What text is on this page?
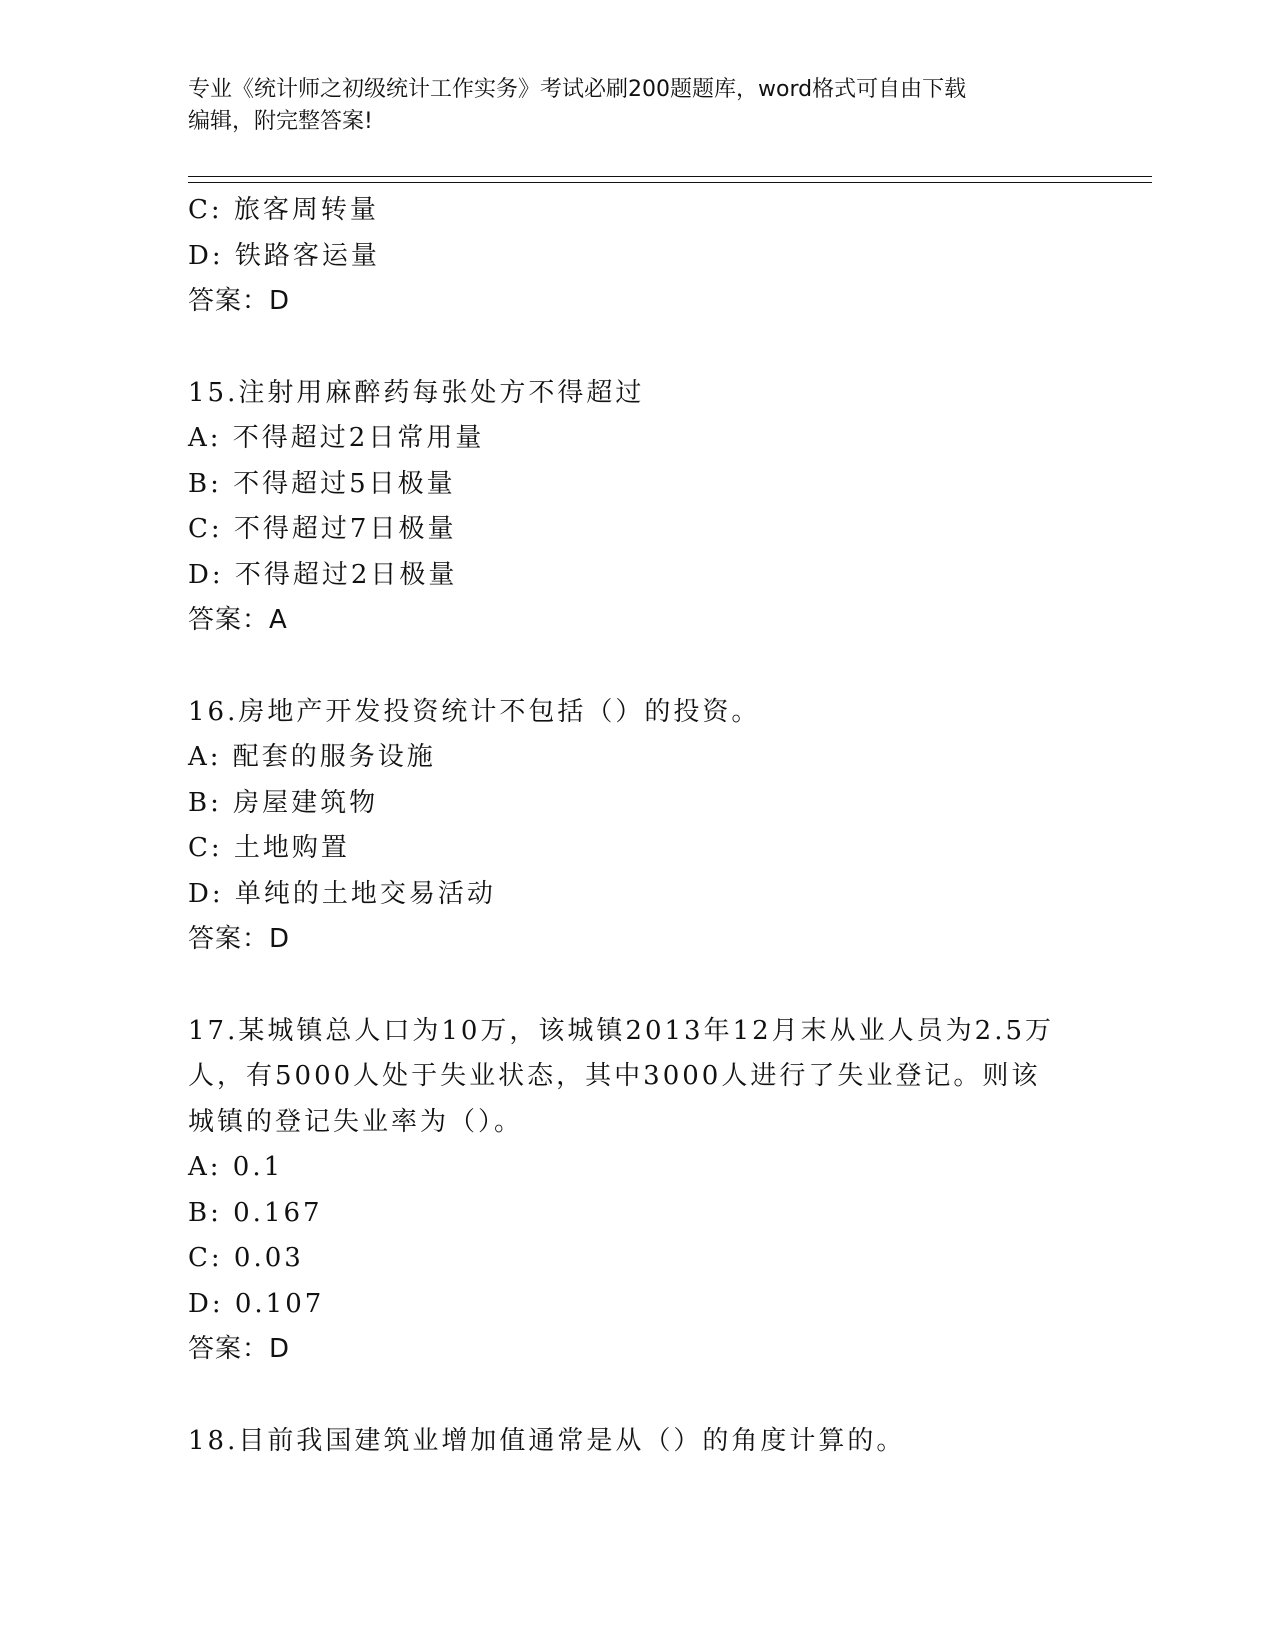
专业《统计师之初级统计工作实务》考试必刷200题题库，word格式可自由下载
编辑，附完整答案!
C: 旅客周转量
D: 铁路客运量
答案：D
15.注射用麻醉药每张处方不得超过
A: 不得超过2日常用量
B: 不得超过5日极量
C: 不得超过7日极量
D: 不得超过2日极量
答案：A
16.房地产开发投资统计不包括（）的投资。
A: 配套的服务设施
B: 房屋建筑物
C: 土地购置
D: 单纯的土地交易活动
答案：D
17.某城镇总人口为10万，该城镇2013年12月末从业人员为2.5万人，有5000人处于失业状态，其中3000人进行了失业登记。则该城镇的登记失业率为（）。
A: 0.1
B: 0.167
C: 0.03
D: 0.107
答案：D
18.目前我国建筑业增加值通常是从（）的角度计算的。
